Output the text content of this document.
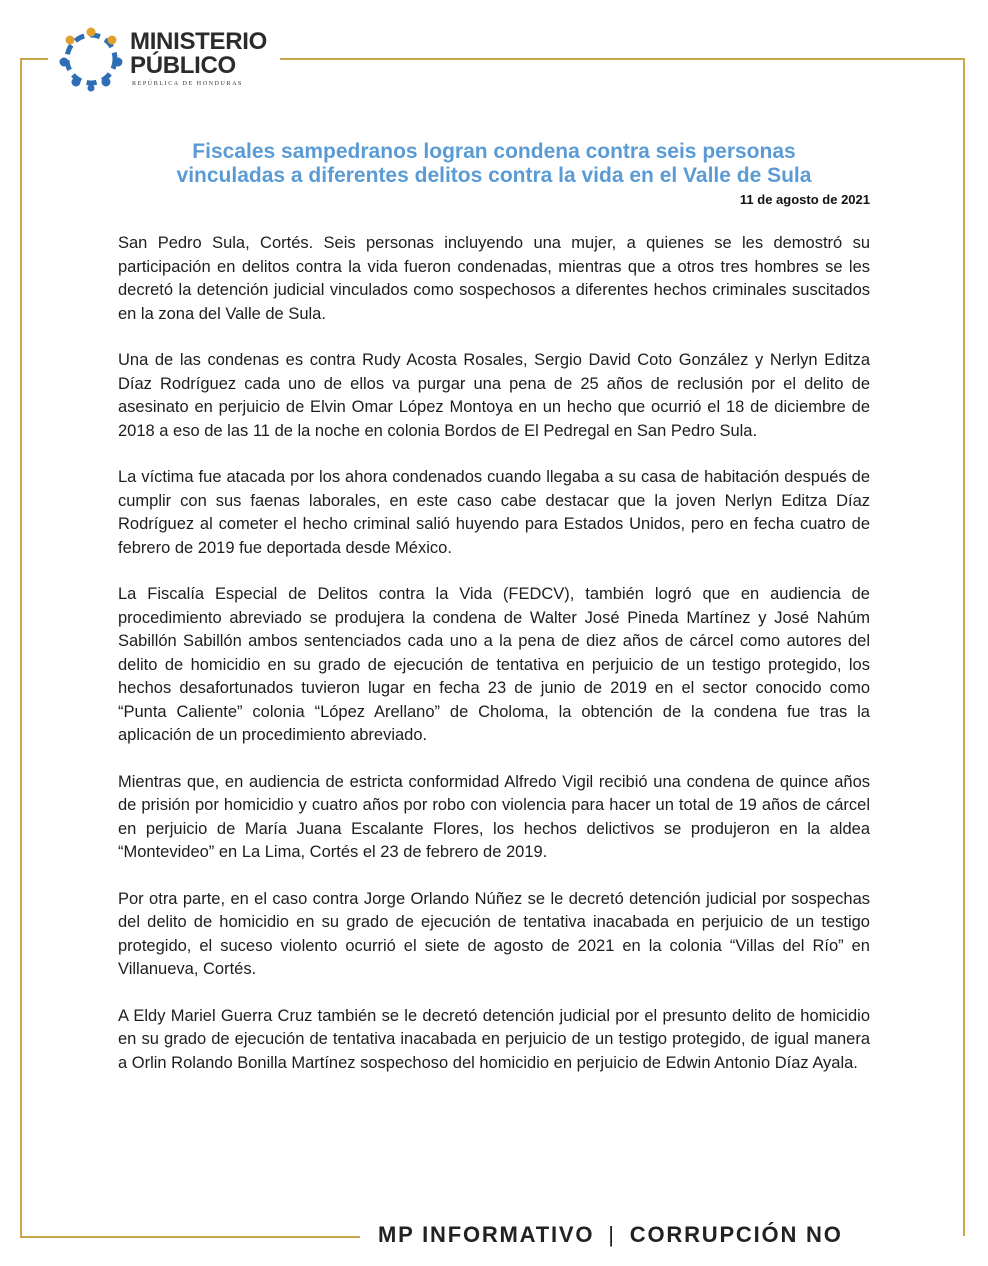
MINISTERIO
PÚBLICO
REPÚBLICA DE HONDURAS
Fiscales sampedranos logran condena contra seis personas
vinculadas a diferentes delitos contra la vida en el Valle de Sula
11 de agosto de 2021

San Pedro Sula, Cortés. Seis personas incluyendo una mujer, a quienes se les demostró su participación en delitos contra la vida fueron condenadas, mientras que a otros tres hombres se les decretó la detención judicial vinculados como sospechosos a diferentes hechos criminales suscitados en la zona del Valle de Sula.

Una de las condenas es contra Rudy Acosta Rosales, Sergio David Coto González y Nerlyn Editza Díaz Rodríguez cada uno de ellos va purgar una pena de 25 años de reclusión por el delito de asesinato en perjuicio de Elvin Omar López Montoya en un hecho que ocurrió el 18 de diciembre de 2018 a eso de las 11 de la noche en colonia Bordos de El Pedregal en San Pedro Sula.

La víctima fue atacada por los ahora condenados cuando llegaba a su casa de habitación después de cumplir con sus faenas laborales, en este caso cabe destacar que la joven Nerlyn Editza Díaz Rodríguez al cometer el hecho criminal salió huyendo para Estados Unidos, pero en fecha cuatro de febrero de 2019 fue deportada desde México.

La Fiscalía Especial de Delitos contra la Vida (FEDCV), también logró que en audiencia de procedimiento abreviado se produjera la condena de Walter José Pineda Martínez y José Nahúm Sabillón Sabillón ambos sentenciados cada uno a la pena de diez años de cárcel como autores del delito de homicidio en su grado de ejecución de tentativa en perjuicio de un testigo protegido, los hechos desafortunados tuvieron lugar en fecha 23 de junio de 2019 en el sector conocido como “Punta Caliente” colonia “López Arellano” de Choloma, la obtención de la condena fue tras la aplicación de un procedimiento abreviado.

Mientras que, en audiencia de estricta conformidad Alfredo Vigil recibió una condena de quince años de prisión por homicidio y cuatro años por robo con violencia para hacer un total de 19 años de cárcel en perjuicio de María Juana Escalante Flores, los hechos delictivos se produjeron en la aldea “Montevideo” en La Lima, Cortés el 23 de febrero de 2019.

Por otra parte, en el caso contra Jorge Orlando Núñez se le decretó detención judicial por sospechas del delito de homicidio en su grado de ejecución de tentativa inacabada en perjuicio de un testigo protegido, el suceso violento ocurrió el siete de agosto de 2021 en la colonia “Villas del Río” en Villanueva, Cortés.

A Eldy Mariel Guerra Cruz también se le decretó detención judicial por el presunto delito de homicidio en su grado de ejecución de tentativa inacabada en perjuicio de un testigo protegido, de igual manera a Orlin Rolando Bonilla Martínez sospechoso del homicidio en perjuicio de Edwin Antonio Díaz Ayala.

MP INFORMATIVO | CORRUPCIÓN NO
